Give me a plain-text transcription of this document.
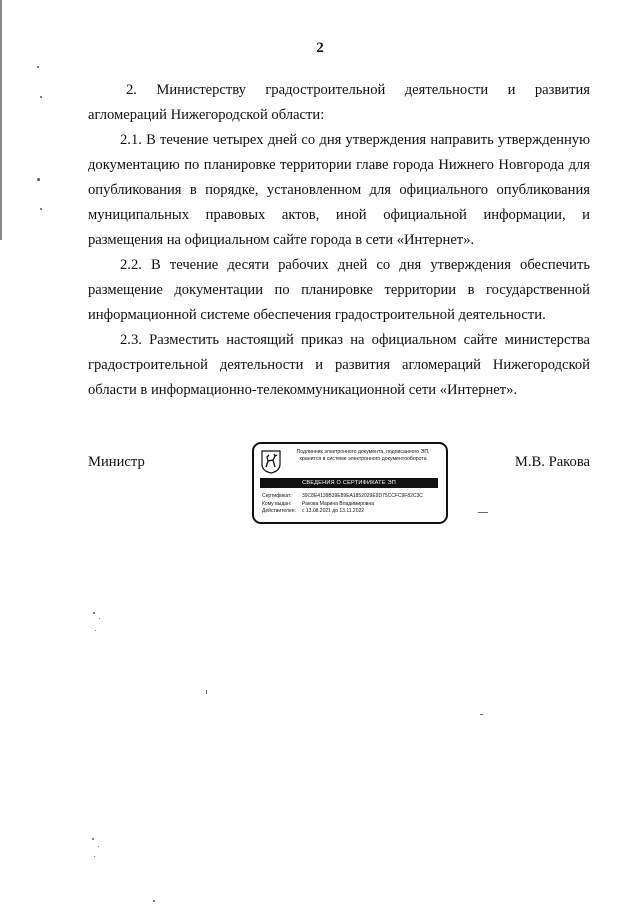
2

2. Министерству градостроительной деятельности и развития агломераций Нижегородской области:

2.1. В течение четырех дней со дня утверждения направить утвержденную документацию по планировке территории главе города Нижнего Новгорода для опубликования в порядке, установленном для официального опубликования муниципальных правовых актов, иной официальной информации, и размещения на официальном сайте города в сети «Интернет».

2.2. В течение десяти рабочих дней со дня утверждения обеспечить размещение документации по планировке территории в государственной информационной системе обеспечения градостроительной деятельности.

2.3. Разместить настоящий приказ на официальном сайте министерства градостроительной деятельности и развития агломераций Нижегородской области в информационно-телекоммуникационной сети «Интернет».

Министр
Подлинник электронного документа, подписанного ЭП, хранится в системе электронного документооборота
СВЕДЕНИЯ О СЕРТИФИКАТЕ ЭП
Сертификат: 39C8E4139B39E89EA1852029E9D75CCFC9F82C3C
Кому выдан: Ракова Марина Владимировна
Действителен: с 13.08.2021 до 13.11.2022
М.В. Ракова
